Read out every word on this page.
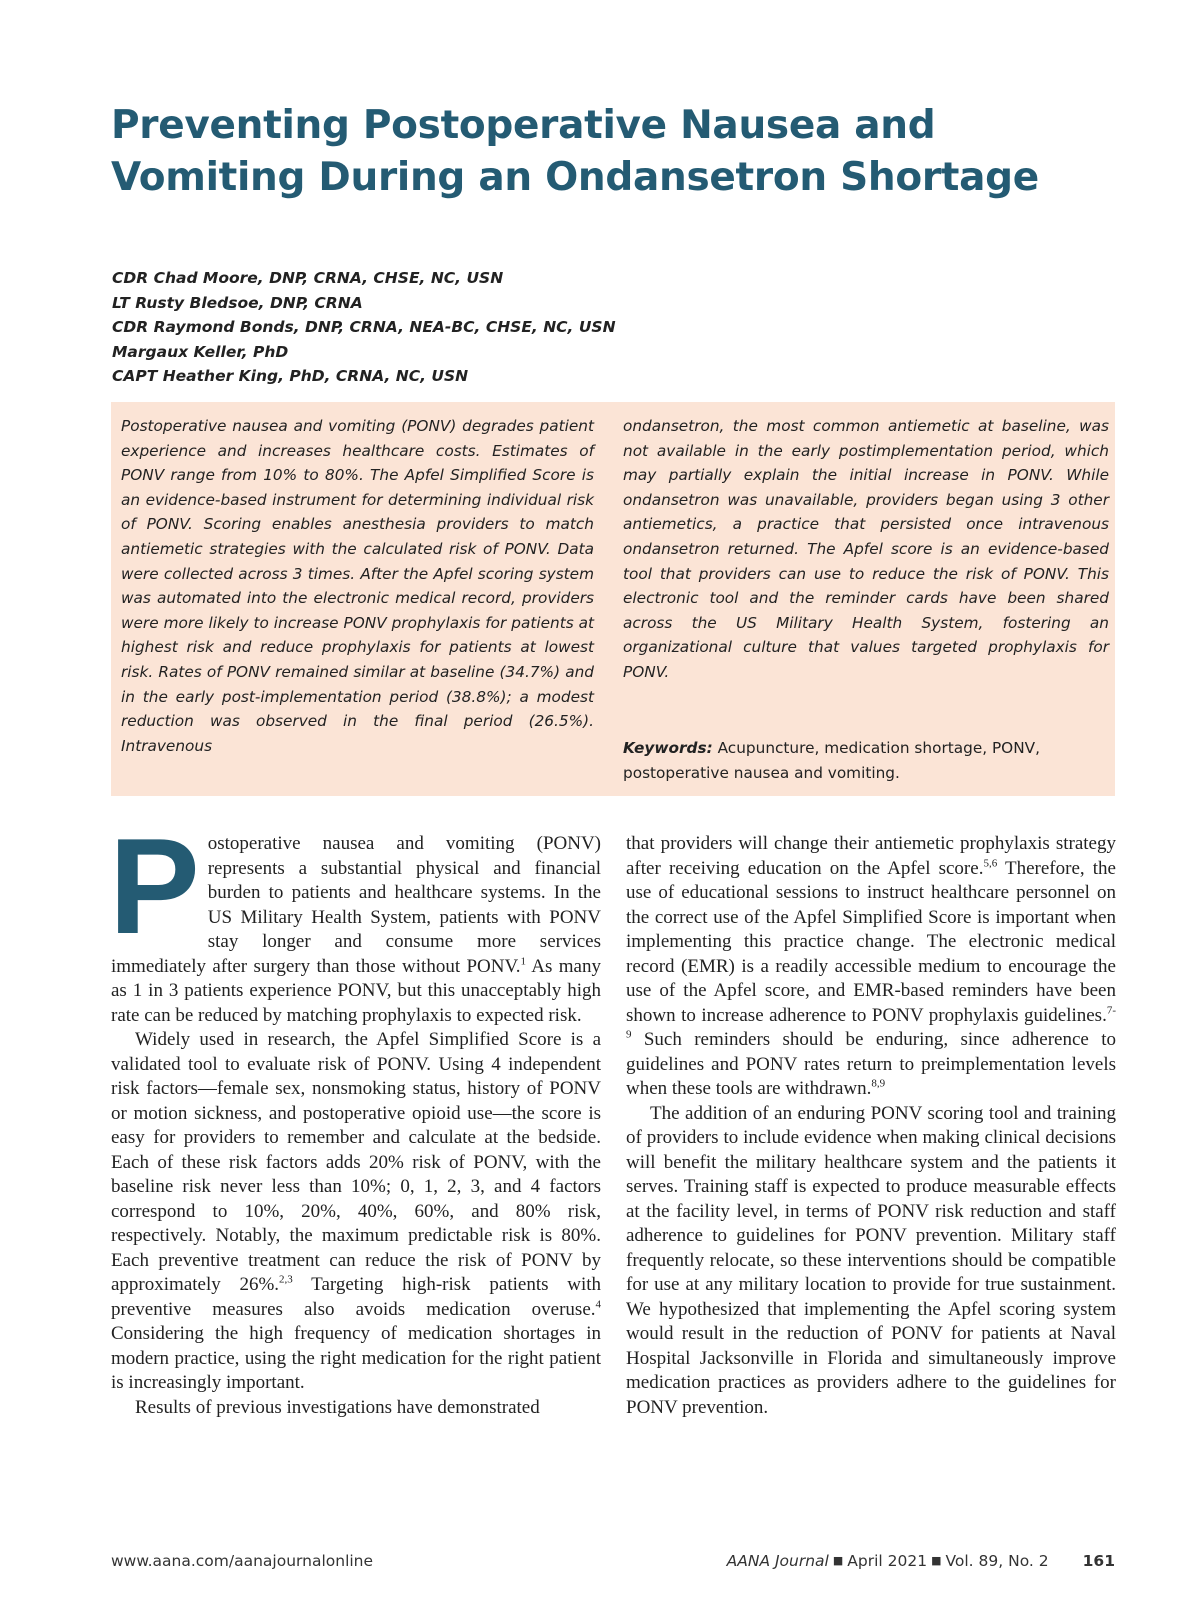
Preventing Postoperative Nausea and Vomiting During an Ondansetron Shortage
CDR Chad Moore, DNP, CRNA, CHSE, NC, USN
LT Rusty Bledsoe, DNP, CRNA
CDR Raymond Bonds, DNP, CRNA, NEA-BC, CHSE, NC, USN
Margaux Keller, PhD
CAPT Heather King, PhD, CRNA, NC, USN

Postoperative nausea and vomiting (PONV) degrades patient experience and increases healthcare costs. Estimates of PONV range from 10% to 80%. The Apfel Simplified Score is an evidence-based instrument for determining individual risk of PONV. Scoring enables anesthesia providers to match antiemetic strategies with the calculated risk of PONV. Data were collected across 3 times. After the Apfel scoring system was automated into the electronic medical record, providers were more likely to increase PONV prophylaxis for patients at highest risk and reduce prophylaxis for patients at lowest risk. Rates of PONV remained similar at baseline (34.7%) and in the early post-implementation period (38.8%); a modest reduction was observed in the final period (26.5%). Intravenous

ondansetron, the most common antiemetic at baseline, was not available in the early postimplementation period, which may partially explain the initial increase in PONV. While ondansetron was unavailable, providers began using 3 other antiemetics, a practice that persisted once intravenous ondansetron returned. The Apfel score is an evidence-based tool that providers can use to reduce the risk of PONV. This electronic tool and the reminder cards have been shared across the US Military Health System, fostering an organizational culture that values targeted prophylaxis for PONV.

Keywords: Acupuncture, medication shortage, PONV, postoperative nausea and vomiting.

Postoperative nausea and vomiting (PONV) represents a substantial physical and financial burden to patients and healthcare systems. In the US Military Health System, patients with PONV stay longer and consume more services immediately after surgery than those without PONV.$^1$ As many as 1 in 3 patients experience PONV, but this unacceptably high rate can be reduced by matching prophylaxis to expected risk.

Widely used in research, the Apfel Simplified Score is a validated tool to evaluate risk of PONV. Using 4 independent risk factors—female sex, nonsmoking status, history of PONV or motion sickness, and postoperative opioid use—the score is easy for providers to remember and calculate at the bedside. Each of these risk factors adds 20% risk of PONV, with the baseline risk never less than 10%; 0, 1, 2, 3, and 4 factors correspond to 10%, 20%, 40%, 60%, and 80% risk, respectively. Notably, the maximum predictable risk is 80%. Each preventive treatment can reduce the risk of PONV by approximately 26%.$^{2,3}$ Targeting high-risk patients with preventive measures also avoids medication overuse.$^4$ Considering the high frequency of medication shortages in modern practice, using the right medication for the right patient is increasingly important.

Results of previous investigations have demonstrated

that providers will change their antiemetic prophylaxis strategy after receiving education on the Apfel score.$^{5,6}$ Therefore, the use of educational sessions to instruct healthcare personnel on the correct use of the Apfel Simplified Score is important when implementing this practice change. The electronic medical record (EMR) is a readily accessible medium to encourage the use of the Apfel score, and EMR-based reminders have been shown to increase adherence to PONV prophylaxis guidelines.$^{7-9}$ Such reminders should be enduring, since adherence to guidelines and PONV rates return to preimplementation levels when these tools are withdrawn.$^{8,9}$

The addition of an enduring PONV scoring tool and training of providers to include evidence when making clinical decisions will benefit the military healthcare system and the patients it serves. Training staff is expected to produce measurable effects at the facility level, in terms of PONV risk reduction and staff adherence to guidelines for PONV prevention. Military staff frequently relocate, so these interventions should be compatible for use at any military location to provide for true sustainment. We hypothesized that implementing the Apfel scoring system would result in the reduction of PONV for patients at Naval Hospital Jacksonville in Florida and simultaneously improve medication practices as providers adhere to the guidelines for PONV prevention.

www.aana.com/aanajournalonline	AANA Journal ■ April 2021 ■ Vol. 89, No. 2 161
